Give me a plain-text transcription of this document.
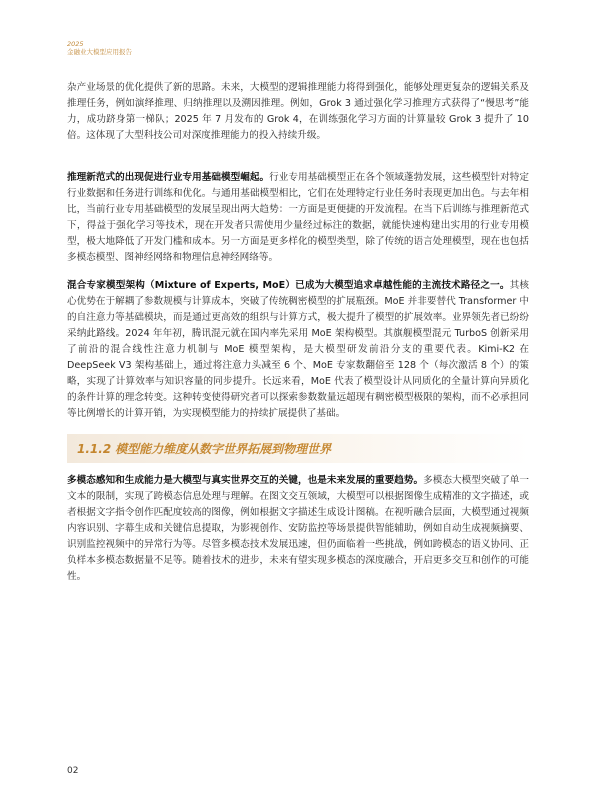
2025
金融业大模型应用报告

杂产业场景的优化提供了新的思路。未来，大模型的逻辑推理能力将得到强化，能够处理更复杂的逻辑关系及推理任务，例如演绎推理、归纳推理以及溯因推理。例如，Grok 3 通过强化学习推理方式获得了“慢思考”能力，成功跻身第一梯队；2025 年 7 月发布的 Grok 4，在训练强化学习方面的计算量较 Grok 3 提升了 10 倍。这体现了大型科技公司对深度推理能力的投入持续升级。

推理新范式的出现促进行业专用基础模型崛起。行业专用基础模型正在各个领域蓬勃发展，这些模型针对特定行业数据和任务进行训练和优化。与通用基础模型相比，它们在处理特定行业任务时表现更加出色。与去年相比，当前行业专用基础模型的发展呈现出两大趋势：一方面是更便捷的开发流程。在当下后训练与推理新范式下，得益于强化学习等技术，现在开发者只需使用少量经过标注的数据，就能快速构建出实用的行业专用模型，极大地降低了开发门槛和成本。另一方面是更多样化的模型类型，除了传统的语言处理模型，现在也包括多模态模型、图神经网络和物理信息神经网络等。

混合专家模型架构（Mixture of Experts, MoE）已成为大模型追求卓越性能的主流技术路径之一。其核心优势在于解耦了参数规模与计算成本，突破了传统稠密模型的扩展瓶颈。MoE 并非要替代 Transformer 中的自注意力等基础模块，而是通过更高效的组织与计算方式，极大提升了模型的扩展效率。业界领先者已纷纷采纳此路线。2024 年年初，腾讯混元就在国内率先采用 MoE 架构模型。其旗舰模型混元 TurboS 创新采用了前沿的混合线性注意力机制与 MoE 模型架构，是大模型研发前沿分支的重要代表。Kimi-K2 在 DeepSeek V3 架构基础上，通过将注意力头减至 6 个、MoE 专家数翻倍至 128 个（每次激活 8 个）的策略，实现了计算效率与知识容量的同步提升。长远来看，MoE 代表了模型设计从同质化的全量计算向异质化的条件计算的理念转变。这种转变使得研究者可以探索参数数量远超现有稠密模型极限的架构，而不必承担同等比例增长的计算开销，为实现模型能力的持续扩展提供了基础。

1.1.2 模型能力维度从数字世界拓展到物理世界

多模态感知和生成能力是大模型与真实世界交互的关键，也是未来发展的重要趋势。多模态大模型突破了单一文本的限制，实现了跨模态信息处理与理解。在图文交互领域，大模型可以根据图像生成精准的文字描述，或者根据文字指令创作匹配度较高的图像，例如根据文字描述生成设计图稿。在视听融合层面，大模型通过视频内容识别、字幕生成和关键信息提取，为影视创作、安防监控等场景提供智能辅助，例如自动生成视频摘要、识别监控视频中的异常行为等。尽管多模态技术发展迅速，但仍面临着一些挑战，例如跨模态的语义协同、正负样本多模态数据量不足等。随着技术的进步，未来有望实现多模态的深度融合，开启更多交互和创作的可能性。

02
